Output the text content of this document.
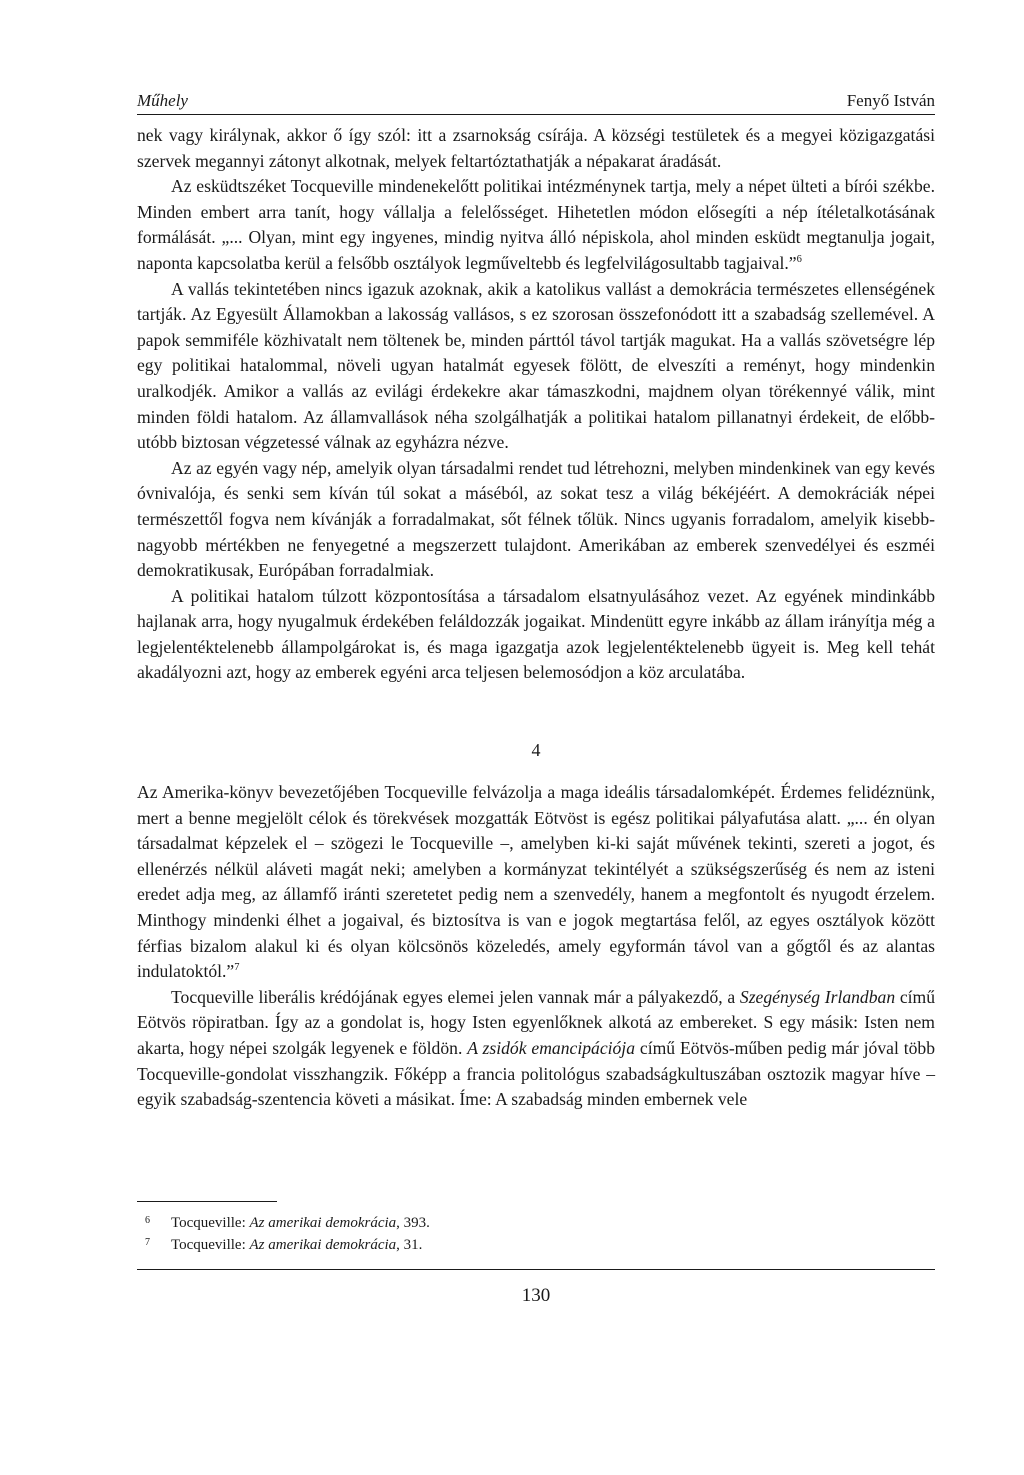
Műhely	Fenyő István

nek vagy királynak, akkor ő így szól: itt a zsarnokság csírája. A községi testületek és a megyei közigazgatási szervek megannyi zátonyt alkotnak, melyek feltartóztathatják a népakarat áradását.

Az esküdtszéket Tocqueville mindenekelőtt politikai intézménynek tartja, mely a népet ülteti a bírói székbe. Minden embert arra tanít, hogy vállalja a felelősséget. Hihetetlen módon elősegíti a nép ítéletalkotásának formálását. „... Olyan, mint egy ingyenes, mindig nyitva álló népiskola, ahol minden esküdt megtanulja jogait, naponta kapcsolatba kerül a felsőbb osztályok legműveltebb és legfelvilágosultabb tagjaival.”$^6$

A vallás tekintetében nincs igazuk azoknak, akik a katolikus vallást a demokrácia természetes ellenségének tartják. Az Egyesült Államokban a lakosság vallásos, s ez szorosan összefonódott itt a szabadság szellemével. A papok semmiféle közhivatalt nem töltenek be, minden párttól távol tartják magukat. Ha a vallás szövetségre lép egy politikai hatalommal, növeli ugyan hatalmát egyesek fölött, de elveszíti a reményt, hogy mindenkin uralkodjék. Amikor a vallás az evilági érdekekre akar támaszkodni, majdnem olyan törékennyé válik, mint minden földi hatalom. Az államvallások néha szolgálhatják a politikai hatalom pillanatnyi érdekeit, de előbb-utóbb biztosan végzetessé válnak az egyházra nézve.

Az az egyén vagy nép, amelyik olyan társadalmi rendet tud létrehozni, melyben mindenkinek van egy kevés óvnivalója, és senki sem kíván túl sokat a máséból, az sokat tesz a világ békéjéért. A demokráciák népei természettől fogva nem kívánják a forradalmakat, sőt félnek tőlük. Nincs ugyanis forradalom, amelyik kisebb-nagyobb mértékben ne fenyegetné a megszerzett tulajdont. Amerikában az emberek szenvedélyei és eszméi demokratikusak, Európában forradalmiak.

A politikai hatalom túlzott központosítása a társadalom elsatnyulásához vezet. Az egyének mindinkább hajlanak arra, hogy nyugalmuk érdekében feláldozzák jogaikat. Mindenütt egyre inkább az állam irányítja még a legjelentéktelenebb állampolgárokat is, és maga igazgatja azok legjelentéktelenebb ügyeit is. Meg kell tehát akadályozni azt, hogy az emberek egyéni arca teljesen belemosódjon a köz arculatába.

4

Az Amerika-könyv bevezetőjében Tocqueville felvázolja a maga ideális társadalomképét. Érdemes felidéznünk, mert a benne megjelölt célok és törekvések mozgatták Eötvöst is egész politikai pályafutása alatt. „... én olyan társadalmat képzelek el – szögezi le Tocqueville –, amelyben ki-ki saját művének tekinti, szereti a jogot, és ellenérzés nélkül aláveti magát neki; amelyben a kormányzat tekintélyét a szükségszerűség és nem az isteni eredet adja meg, az államfő iránti szeretetet pedig nem a szenvedély, hanem a megfontolt és nyugodt érzelem. Minthogy mindenki élhet a jogaival, és biztosítva is van e jogok megtartása felől, az egyes osztályok között férfias bizalom alakul ki és olyan kölcsönös közeledés, amely egyformán távol van a gőgtől és az alantas indulatoktól.”$^7$

Tocqueville liberális krédójának egyes elemei jelen vannak már a pályakezdő, a Szegénység Irlandban című Eötvös röpiratban. Így az a gondolat is, hogy Isten egyenlőknek alkotá az embereket. S egy másik: Isten nem akarta, hogy népei szolgák legyenek e földön. A zsidók emancipációja című Eötvös-műben pedig már jóval több Tocqueville-gondolat visszhangzik. Főképp a francia politológus szabadságkultuszában osztozik magyar híve – egyik szabadság-szentencia követi a másikat. Íme: A szabadság minden embernek vele

6 Tocqueville: Az amerikai demokrácia, 393.
7 Tocqueville: Az amerikai demokrácia, 31.
130
